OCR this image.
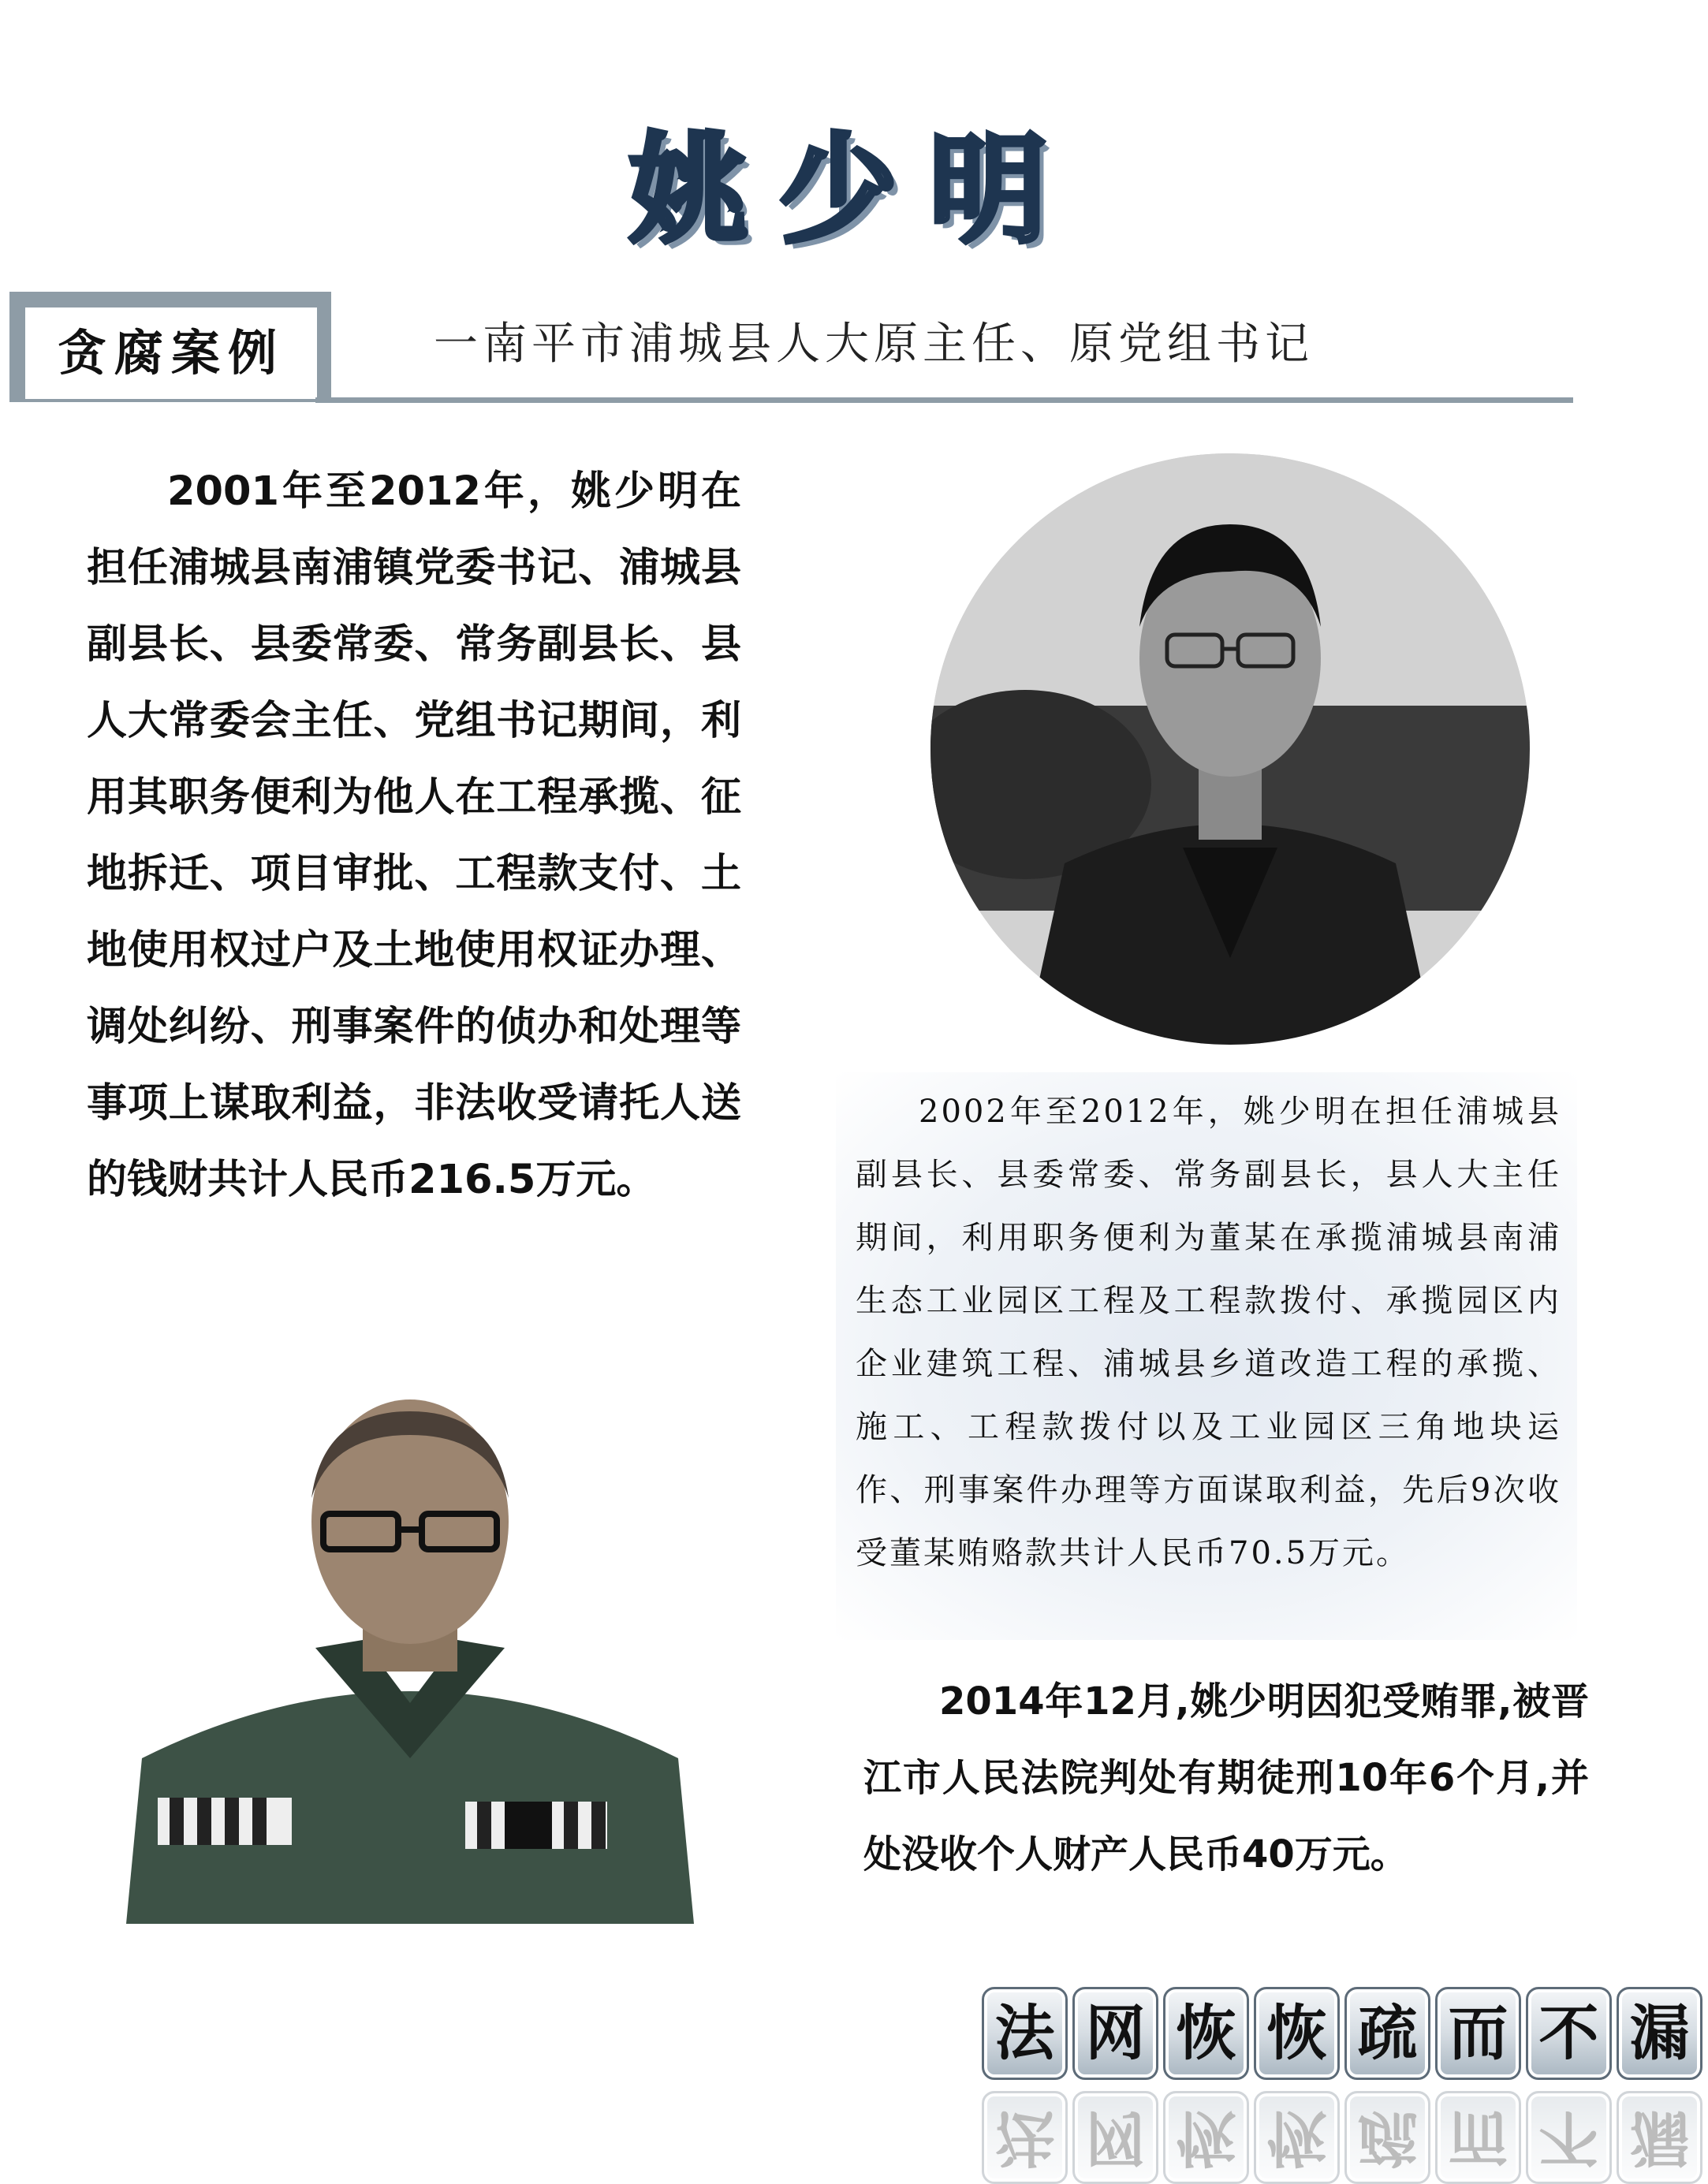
姚少明
贪腐案例	一南平市浦城县人大原主任、原党组书记
2001年至2012年，姚少明在担任浦城县南浦镇党委书记、浦城县副县长、县委常委、常务副县长、县人大常委会主任、党组书记期间，利用其职务便利为他人在工程承揽、征地拆迁、项目审批、工程款支付、土地使用权过户及土地使用权证办理、调处纠纷、刑事案件的侦办和处理等事项上谋取利益，非法收受请托人送的钱财共计人民币216.5万元。
2002年至2012年，姚少明在担任浦城县副县长、县委常委、常务副县长，县人大主任期间，利用职务便利为董某在承揽浦城县南浦生态工业园区工程及工程款拨付、承揽园区内企业建筑工程、浦城县乡道改造工程的承揽、施工、工程款拨付以及工业园区三角地块运作、刑事案件办理等方面谋取利益，先后9次收受董某贿赂款共计人民币70.5万元。
2014年12月,姚少明因犯受贿罪,被晋江市人民法院判处有期徒刑10年6个月,并处没收个人财产人民币40万元。
法 网 恢 恢 疏 而 不 漏
法 网 恢 恢 疏 而 不 漏
